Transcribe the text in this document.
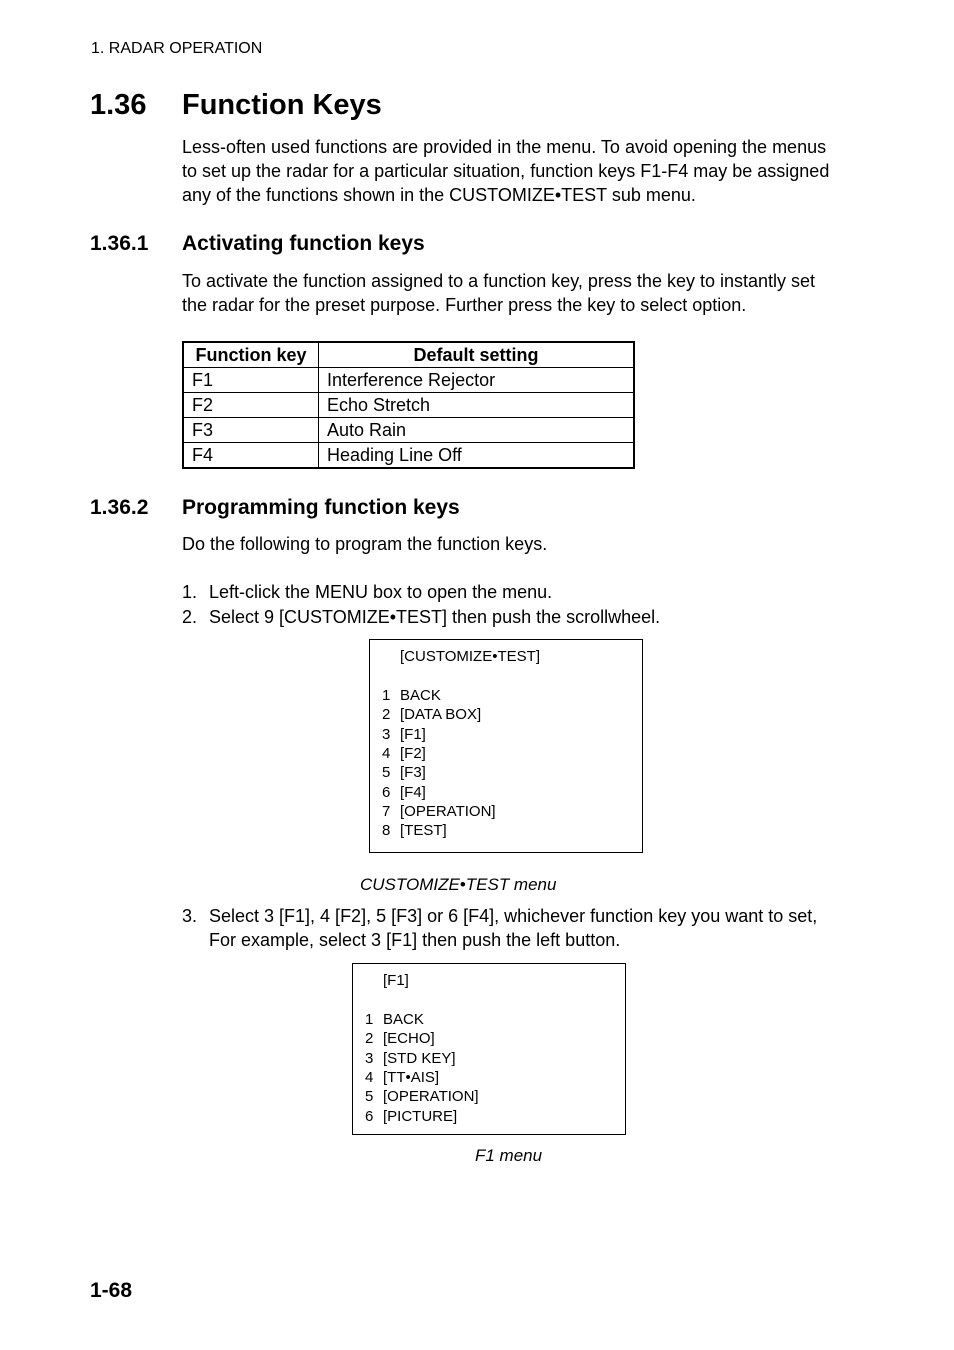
1. RADAR OPERATION
1.36 Function Keys
Less-often used functions are provided in the menu. To avoid opening the menus to set up the radar for a particular situation, function keys F1-F4 may be assigned any of the functions shown in the CUSTOMIZE•TEST sub menu.
1.36.1 Activating function keys
To activate the function assigned to a function key, press the key to instantly set the radar for the preset purpose. Further press the key to select option.
Function key	Default setting
F1	Interference Rejector
F2	Echo Stretch
F3	Auto Rain
F4	Heading Line Off
1.36.2 Programming function keys
Do the following to program the function keys.
1. Left-click the MENU box to open the menu.
2. Select 9 [CUSTOMIZE•TEST] then push the scrollwheel.
[CUSTOMIZE•TEST]
1 BACK
2 [DATA BOX]
3 [F1]
4 [F2]
5 [F3]
6 [F4]
7 [OPERATION]
8 [TEST]
CUSTOMIZE•TEST menu
3. Select 3 [F1], 4 [F2], 5 [F3] or 6 [F4], whichever function key you want to set,
For example, select 3 [F1] then push the left button.
[F1]
1 BACK
2 [ECHO]
3 [STD KEY]
4 [TT•AIS]
5 [OPERATION]
6 [PICTURE]
F1 menu
1-68
